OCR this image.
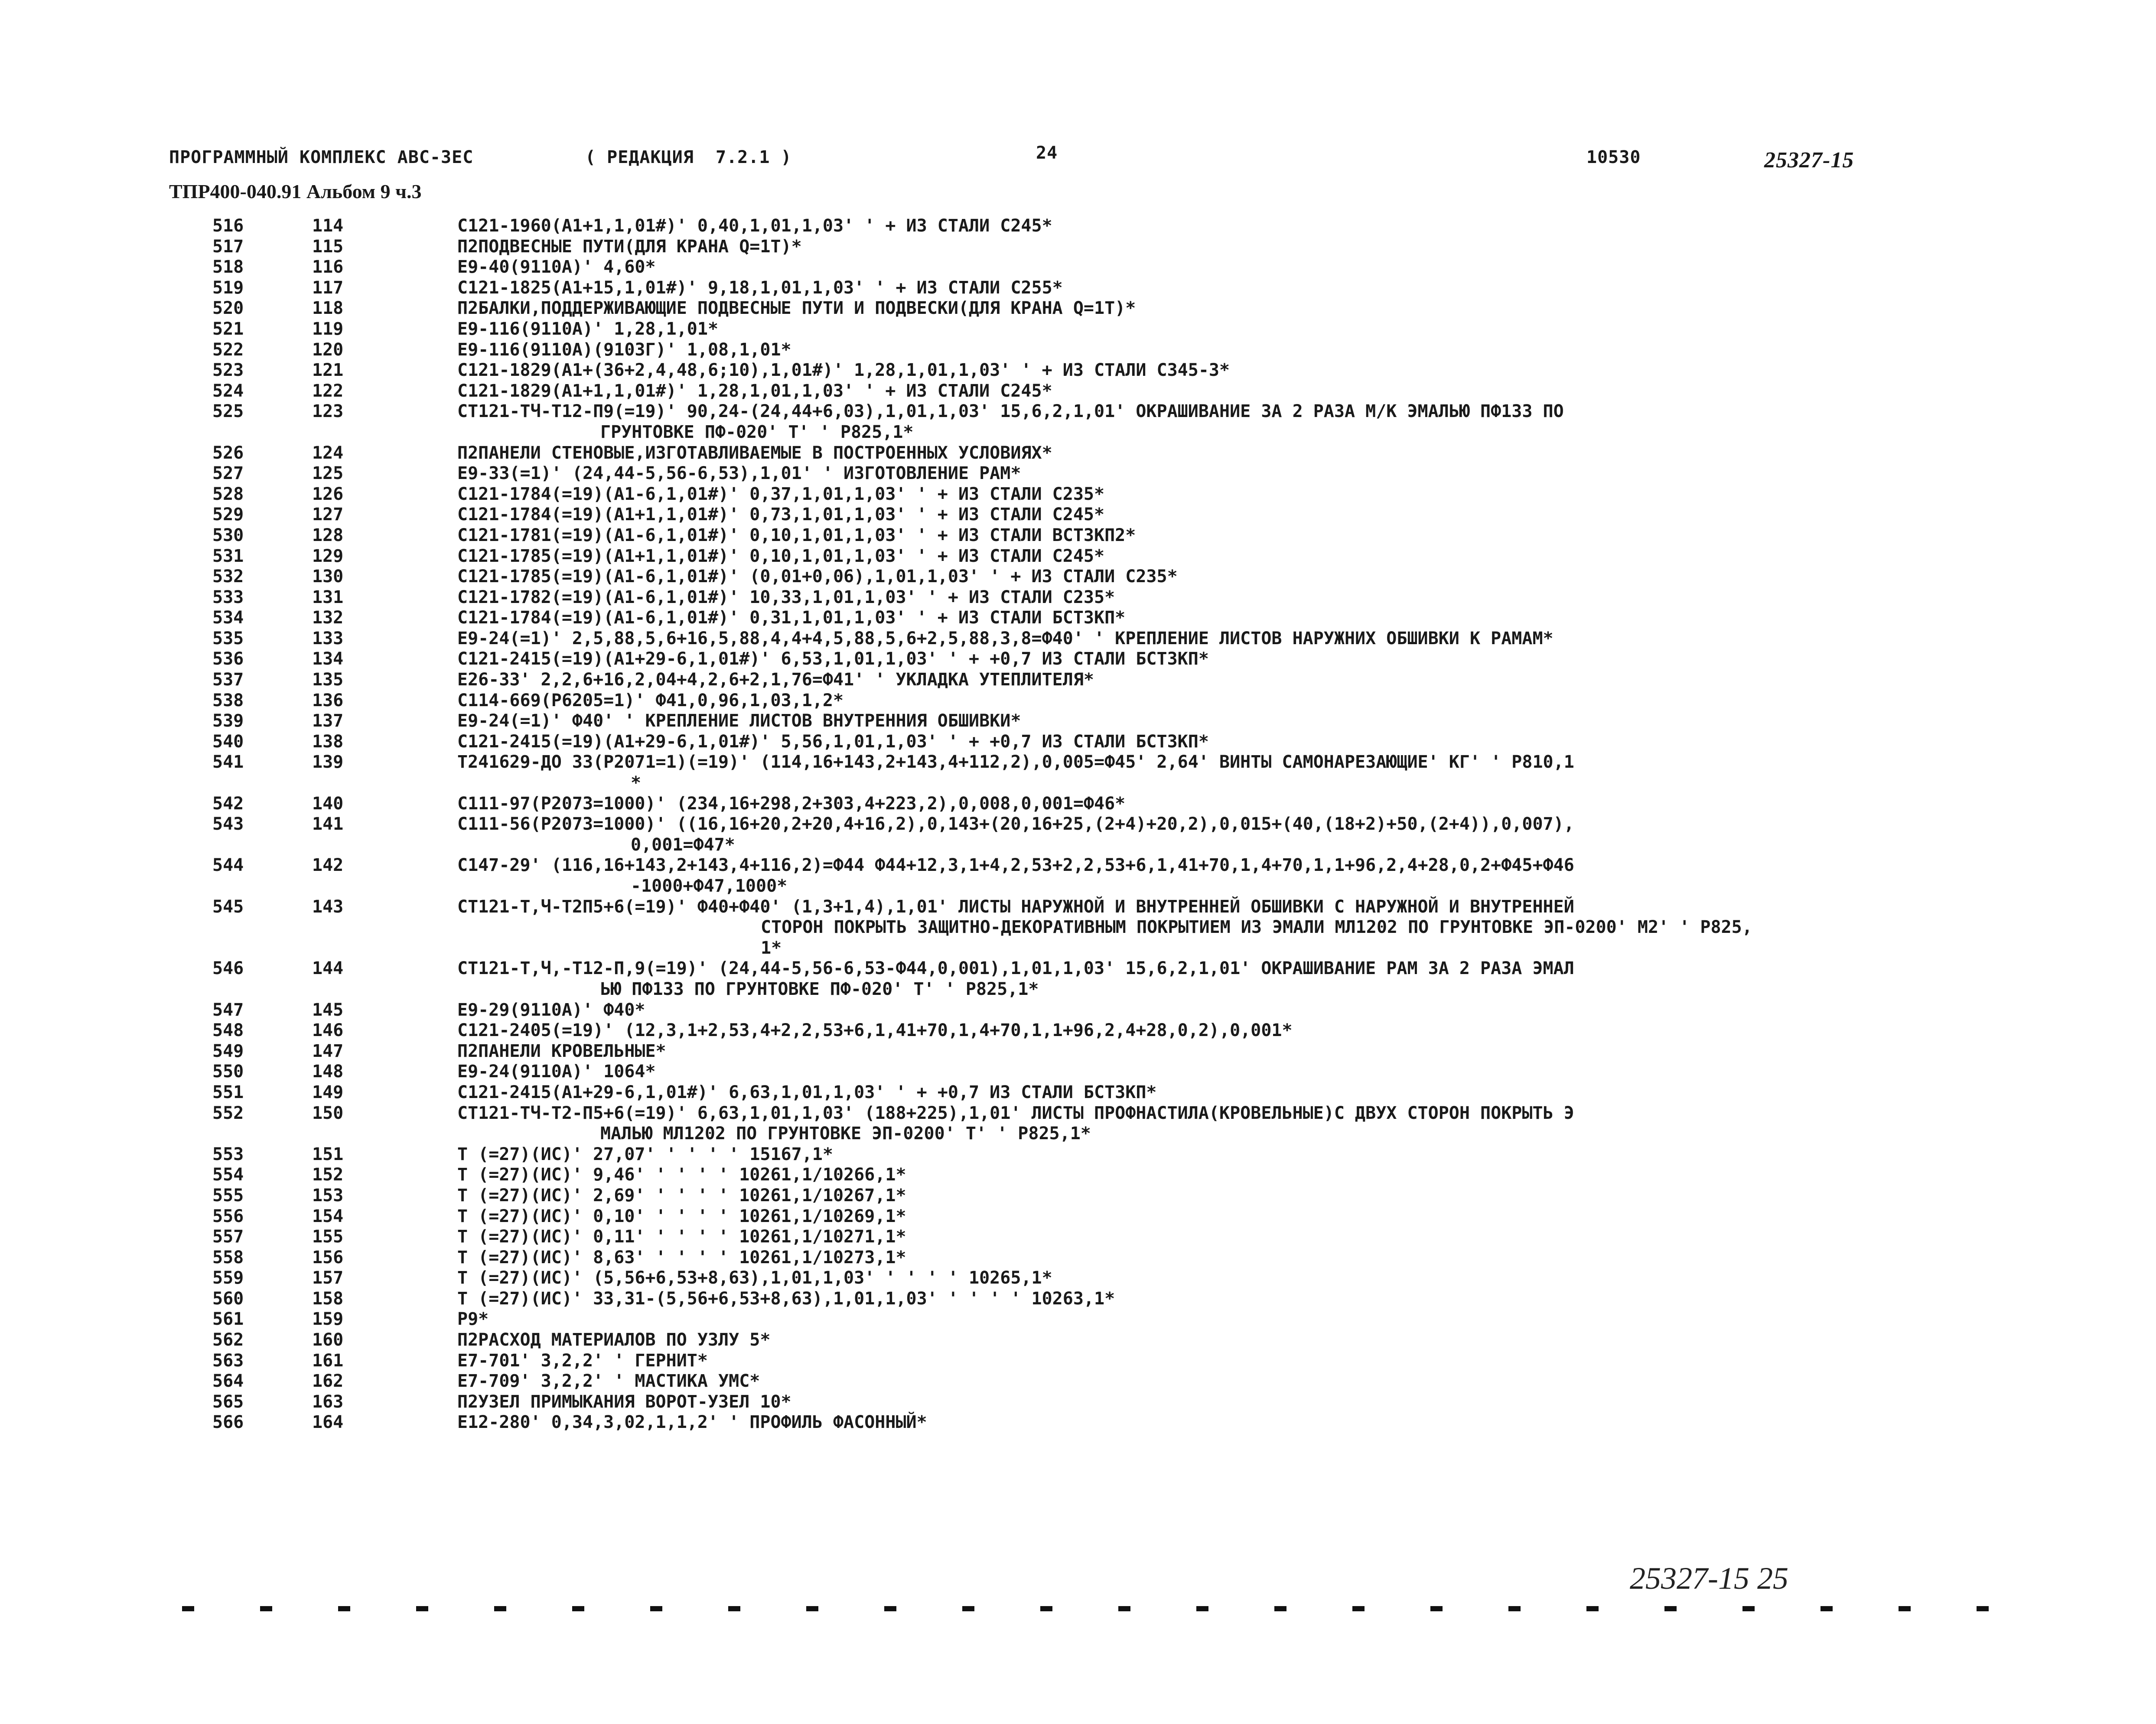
ПРОГРАММНЫЙ КОМПЛЕКС АВС-3ЕС	( РЕДАКЦИЯ  7.2.1 )	24	10530	25327-15
ТПР400-040.91 Альбом 9 ч.3
516	114	С121-1960(А1+1,1,01#)' 0,40,1,01,1,03' ' + ИЗ СТАЛИ С245*
517	115	П2ПОДВЕСНЫЕ ПУТИ(ДЛЯ КРАНА Q=1Т)*
518	116	Е9-40(9110А)' 4,60*
519	117	С121-1825(А1+15,1,01#)' 9,18,1,01,1,03' ' + ИЗ СТАЛИ С255*
520	118	П2БАЛКИ,ПОДДЕРЖИВАЮЩИЕ ПОДВЕСНЫЕ ПУТИ И ПОДВЕСКИ(ДЛЯ КРАНА Q=1Т)*
521	119	Е9-116(9110А)' 1,28,1,01*
522	120	Е9-116(9110А)(9103Г)' 1,08,1,01*
523	121	С121-1829(А1+(36+2,4,48,6;10),1,01#)' 1,28,1,01,1,03' ' + ИЗ СТАЛИ С345-3*
524	122	С121-1829(А1+1,1,01#)' 1,28,1,01,1,03' ' + ИЗ СТАЛИ С245*
525	123	СТ121-ТЧ-Т12-П9(=19)' 90,24-(24,44+6,03),1,01,1,03' 15,6,2,1,01' ОКРАШИВАНИЕ ЗА 2 РАЗА М/К ЭМАЛЬЮ ПФ133 ПО
ГРУНТОВКЕ ПФ-020' Т' ' Р825,1*
526	124	П2ПАНЕЛИ СТЕНОВЫЕ,ИЗГОТАВЛИВАЕМЫЕ В ПОСТРОЕННЫХ УСЛОВИЯХ*
527	125	Е9-33(=1)' (24,44-5,56-6,53),1,01' ' ИЗГОТОВЛЕНИЕ РАМ*
528	126	С121-1784(=19)(А1-6,1,01#)' 0,37,1,01,1,03' ' + ИЗ СТАЛИ С235*
529	127	С121-1784(=19)(А1+1,1,01#)' 0,73,1,01,1,03' ' + ИЗ СТАЛИ С245*
530	128	С121-1781(=19)(А1-6,1,01#)' 0,10,1,01,1,03' ' + ИЗ СТАЛИ ВСТ3КП2*
531	129	С121-1785(=19)(А1+1,1,01#)' 0,10,1,01,1,03' ' + ИЗ СТАЛИ С245*
532	130	С121-1785(=19)(А1-6,1,01#)' (0,01+0,06),1,01,1,03' ' + ИЗ СТАЛИ С235*
533	131	С121-1782(=19)(А1-6,1,01#)' 10,33,1,01,1,03' ' + ИЗ СТАЛИ С235*
534	132	С121-1784(=19)(А1-6,1,01#)' 0,31,1,01,1,03' ' + ИЗ СТАЛИ БСТ3КП*
535	133	Е9-24(=1)' 2,5,88,5,6+16,5,88,4,4+4,5,88,5,6+2,5,88,3,8=Ф40' ' КРЕПЛЕНИЕ ЛИСТОВ НАРУЖНИХ ОБШИВКИ К РАМАМ*
536	134	С121-2415(=19)(А1+29-6,1,01#)' 6,53,1,01,1,03' ' + +0,7 ИЗ СТАЛИ БСТ3КП*
537	135	Е26-33' 2,2,6+16,2,04+4,2,6+2,1,76=Ф41' ' УКЛАДКА УТЕПЛИТЕЛЯ*
538	136	С114-669(Р6205=1)' Ф41,0,96,1,03,1,2*
539	137	Е9-24(=1)' Ф40' ' КРЕПЛЕНИЕ ЛИСТОВ ВНУТРЕННИЯ ОБШИВКИ*
540	138	С121-2415(=19)(А1+29-6,1,01#)' 5,56,1,01,1,03' ' + +0,7 ИЗ СТАЛИ БСТ3КП*
541	139	Т241629-ДО 33(Р2071=1)(=19)' (114,16+143,2+143,4+112,2),0,005=Ф45' 2,64' ВИНТЫ САМОНАРЕЗАЮЩИЕ' КГ' ' Р810,1
*
542	140	С111-97(Р2073=1000)' (234,16+298,2+303,4+223,2),0,008,0,001=Ф46*
543	141	С111-56(Р2073=1000)' ((16,16+20,2+20,4+16,2),0,143+(20,16+25,(2+4)+20,2),0,015+(40,(18+2)+50,(2+4)),0,007),
0,001=Ф47*
544	142	С147-29' (116,16+143,2+143,4+116,2)=Ф44 Ф44+12,3,1+4,2,53+2,2,53+6,1,41+70,1,4+70,1,1+96,2,4+28,0,2+Ф45+Ф46
-1000+Ф47,1000*
545	143	СТ121-Т,Ч-Т2П5+6(=19)' Ф40+Ф40' (1,3+1,4),1,01' ЛИСТЫ НАРУЖНОЙ И ВНУТРЕННЕЙ ОБШИВКИ С НАРУЖНОЙ И ВНУТРЕННЕЙ
СТОРОН ПОКРЫТЬ ЗАЩИТНО-ДЕКОРАТИВНЫМ ПОКРЫТИЕМ ИЗ ЭМАЛИ МЛ1202 ПО ГРУНТОВКЕ ЭП-0200' М2' ' Р825,
1*
546	144	СТ121-Т,Ч,-Т12-П,9(=19)' (24,44-5,56-6,53-Ф44,0,001),1,01,1,03' 15,6,2,1,01' ОКРАШИВАНИЕ РАМ ЗА 2 РАЗА ЭМАЛ
ЬЮ ПФ133 ПО ГРУНТОВКЕ ПФ-020' Т' ' Р825,1*
547	145	Е9-29(9110А)' Ф40*
548	146	С121-2405(=19)' (12,3,1+2,53,4+2,2,53+6,1,41+70,1,4+70,1,1+96,2,4+28,0,2),0,001*
549	147	П2ПАНЕЛИ КРОВЕЛЬНЫЕ*
550	148	Е9-24(9110А)' 1064*
551	149	С121-2415(А1+29-6,1,01#)' 6,63,1,01,1,03' ' + +0,7 ИЗ СТАЛИ БСТ3КП*
552	150	СТ121-ТЧ-Т2-П5+6(=19)' 6,63,1,01,1,03' (188+225),1,01' ЛИСТЫ ПРОФНАСТИЛА(КРОВЕЛЬНЫЕ)С ДВУХ СТОРОН ПОКРЫТЬ Э
МАЛЬЮ МЛ1202 ПО ГРУНТОВКЕ ЭП-0200' Т' ' Р825,1*
553	151	Т (=27)(ИС)' 27,07' ' ' ' ' 15167,1*
554	152	Т (=27)(ИС)' 9,46' ' ' ' ' 10261,1/10266,1*
555	153	Т (=27)(ИС)' 2,69' ' ' ' ' 10261,1/10267,1*
556	154	Т (=27)(ИС)' 0,10' ' ' ' ' 10261,1/10269,1*
557	155	Т (=27)(ИС)' 0,11' ' ' ' ' 10261,1/10271,1*
558	156	Т (=27)(ИС)' 8,63' ' ' ' ' 10261,1/10273,1*
559	157	Т (=27)(ИС)' (5,56+6,53+8,63),1,01,1,03' ' ' ' ' 10265,1*
560	158	Т (=27)(ИС)' 33,31-(5,56+6,53+8,63),1,01,1,03' ' ' ' ' 10263,1*
561	159	Р9*
562	160	П2РАСХОД МАТЕРИАЛОВ ПО УЗЛУ 5*
563	161	Е7-701' 3,2,2' ' ГЕРНИТ*
564	162	Е7-709' 3,2,2' ' МАСТИКА УМС*
565	163	П2УЗЕЛ ПРИМЫКАНИЯ ВОРОТ-УЗЕЛ 10*
566	164	Е12-280' 0,34,3,02,1,1,2' ' ПРОФИЛЬ ФАСОННЫЙ*
25327-15 25
